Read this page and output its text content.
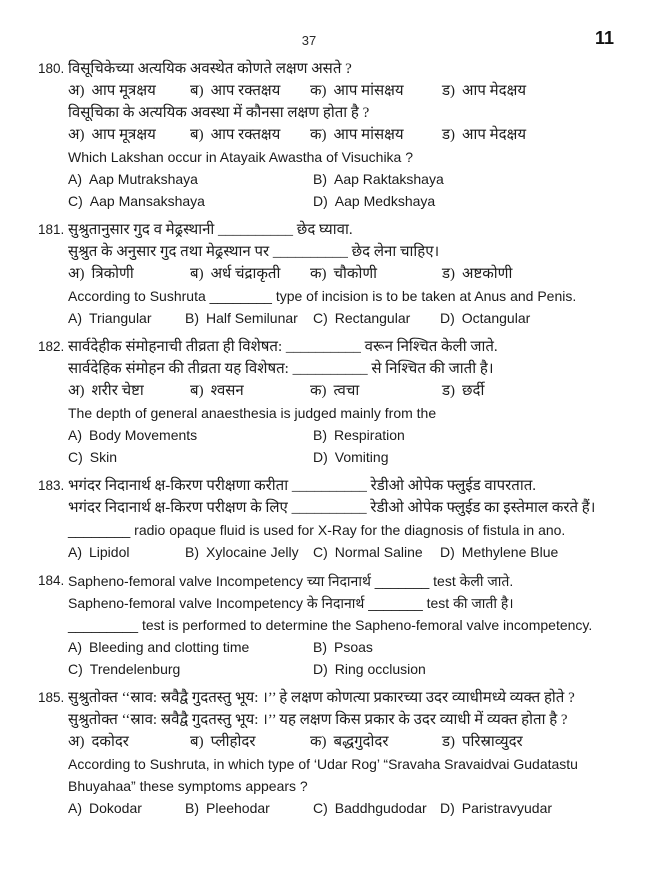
37	11
180. विसूचिकेच्या अत्ययिक अवस्थेत कोणते लक्षण असते ?
अ) आप मूत्रक्षय	ब) आप रक्तक्षय	क) आप मांसक्षय	ड) आप मेदक्षय
विसूचिका के अत्ययिक अवस्था में कौनसा लक्षण होता है ?
अ) आप मूत्रक्षय	ब) आप रक्तक्षय	क) आप मांसक्षय	ड) आप मेदक्षय
Which Lakshan occur in Atayaik Awastha of Visuchika ?
A) Aap Mutrakshaya	B) Aap Raktakshaya
C) Aap Mansakshaya	D) Aap Medkshaya
181. सुश्रुतानुसार गुद व मेढ्रस्थानी __________ छेद घ्यावा.
सुश्रुत के अनुसार गुद तथा मेढ्रस्थान पर __________ छेद लेना चाहिए।
अ) त्रिकोणी	ब) अर्ध चंद्राकृती	क) चौकोणी	ड) अष्टकोणी
According to Sushruta ________ type of incision is to be taken at Anus and Penis.
A) Triangular	B) Half Semilunar	C) Rectangular	D) Octangular
182. सार्वदेहीक संमोहनाची तीव्रता ही विशेषत: __________ वरून निश्चित केली जाते.
सार्वदेहिक संमोहन की तीव्रता यह विशेषत: __________ से निश्चित की जाती है।
अ) शरीर चेष्टा	ब) श्वसन	क) त्वचा	ड) छर्दी
The depth of general anaesthesia is judged mainly from the
A) Body Movements	B) Respiration
C) Skin	D) Vomiting
183. भगंदर निदानार्थ क्ष-किरण परीक्षणा करीता __________ रेडीओ ओपेक फ्लुईड वापरतात.
भगंदर निदानार्थ क्ष-किरण परीक्षण के लिए __________ रेडीओ ओपेक फ्लुईड का इस्तेमाल करते हैं।
________ radio opaque fluid is used for X-Ray for the diagnosis of fistula in ano.
A) Lipidol	B) Xylocaine Jelly	C) Normal Saline	D) Methylene Blue
184. Sapheno-femoral valve Incompetency च्या निदानार्थ _______ test केली जाते.
Sapheno-femoral valve Incompetency के निदानार्थ _______ test की जाती है।
_________ test is performed to determine the Sapheno-femoral valve incompetency.
A) Bleeding and clotting time	B) Psoas
C) Trendelenburg	D) Ring occlusion
185. सुश्रुतोक्त ‘‘स्राव: स्रवैद्वै गुदतस्तु भूय: ।’’ हे लक्षण कोणत्या प्रकारच्या उदर व्याधीमध्ये व्यक्त होते ?
सुश्रुतोक्त ‘‘स्राव: स्रवैद्वै गुदतस्तु भूय: ।’’ यह लक्षण किस प्रकार के उदर व्याधी में व्यक्त होता है ?
अ) दकोदर	ब) प्लीहोदर	क) बद्धगुदोदर	ड) परिस्राव्युदर
According to Sushruta, in which type of ‘Udar Rog’ “Sravaha Sravaidvai Gudatastu
Bhuyahaa” these symptoms appears ?
A) Dokodar	B) Pleehodar	C) Baddhgudodar D) Paristravyudar
